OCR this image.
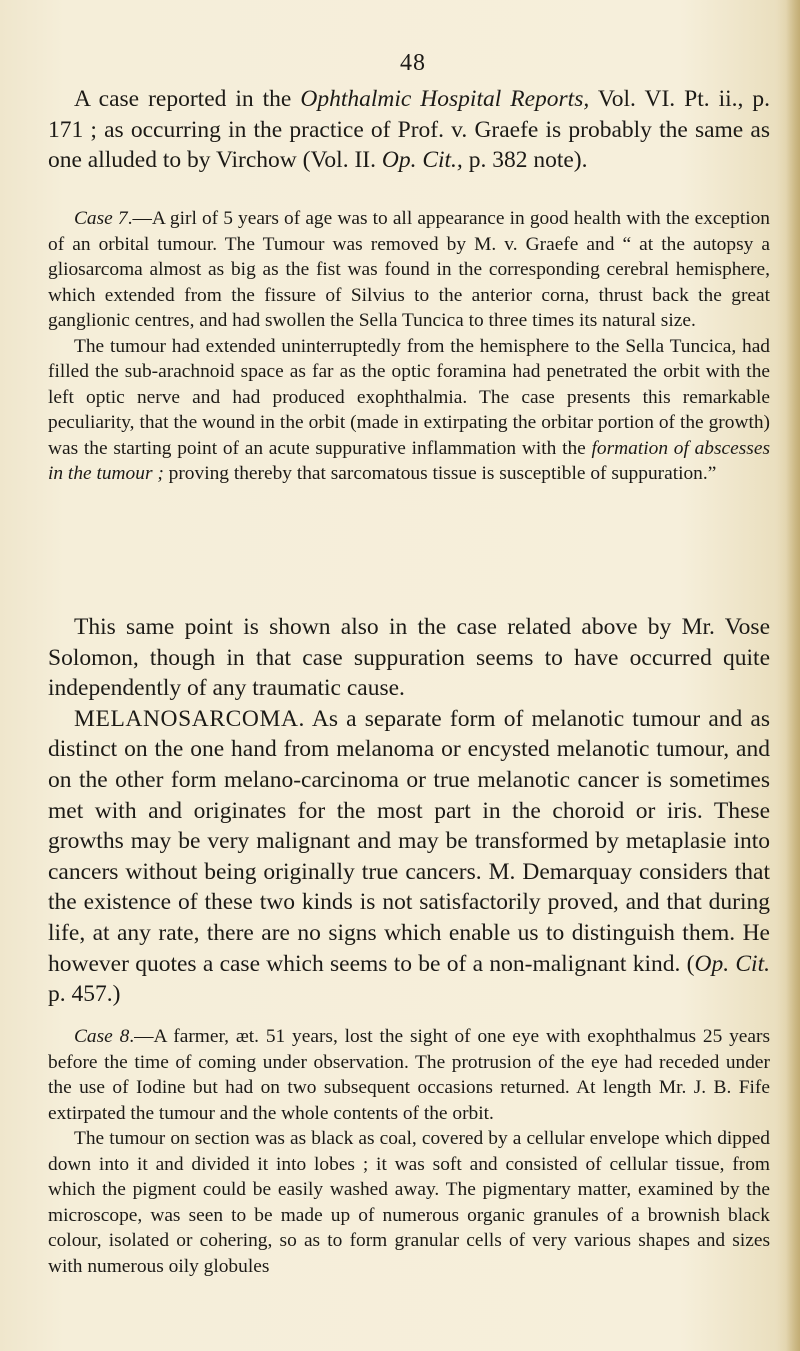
48

A case reported in the Ophthalmic Hospital Reports, Vol. VI. Pt. ii., p. 171 ; as occurring in the practice of Prof. v. Graefe is probably the same as one alluded to by Virchow (Vol. II. Op. Cit., p. 382 note).

Case 7.—A girl of 5 years of age was to all appearance in good health with the exception of an orbital tumour. The Tumour was removed by M. v. Graefe and “ at the autopsy a gliosarcoma almost as big as the fist was found in the corresponding cerebral hemisphere, which extended from the fissure of Silvius to the anterior corna, thrust back the great ganglionic centres, and had swollen the Sella Tuncica to three times its natural size.

The tumour had extended uninterruptedly from the hemisphere to the Sella Tuncica, had filled the sub-arachnoid space as far as the optic foramina had penetrated the orbit with the left optic nerve and had produced exophthalmia. The case presents this remarkable peculiarity, that the wound in the orbit (made in extirpating the orbitar portion of the growth) was the starting point of an acute suppurative inflammation with the formation of abscesses in the tumour ; proving thereby that sarcomatous tissue is susceptible of suppuration.”

This same point is shown also in the case related above by Mr. Vose Solomon, though in that case suppuration seems to have occurred quite independently of any traumatic cause.

MELANOSARCOMA. As a separate form of melanotic tumour and as distinct on the one hand from melanoma or encysted melanotic tumour, and on the other form melano-carcinoma or true melanotic cancer is sometimes met with and originates for the most part in the choroid or iris. These growths may be very malignant and may be transformed by metaplasie into cancers without being originally true cancers. M. Demarquay considers that the existence of these two kinds is not satisfactorily proved, and that during life, at any rate, there are no signs which enable us to distinguish them. He however quotes a case which seems to be of a non-malignant kind. (Op. Cit. p. 457.)

Case 8.—A farmer, æt. 51 years, lost the sight of one eye with exophthalmus 25 years before the time of coming under observation. The protrusion of the eye had receded under the use of Iodine but had on two subsequent occasions returned. At length Mr. J. B. Fife extirpated the tumour and the whole contents of the orbit.

The tumour on section was as black as coal, covered by a cellular envelope which dipped down into it and divided it into lobes ; it was soft and consisted of cellular tissue, from which the pigment could be easily washed away. The pigmentary matter, examined by the microscope, was seen to be made up of numerous organic granules of a brownish black colour, isolated or cohering, so as to form granular cells of very various shapes and sizes with numerous oily globules
